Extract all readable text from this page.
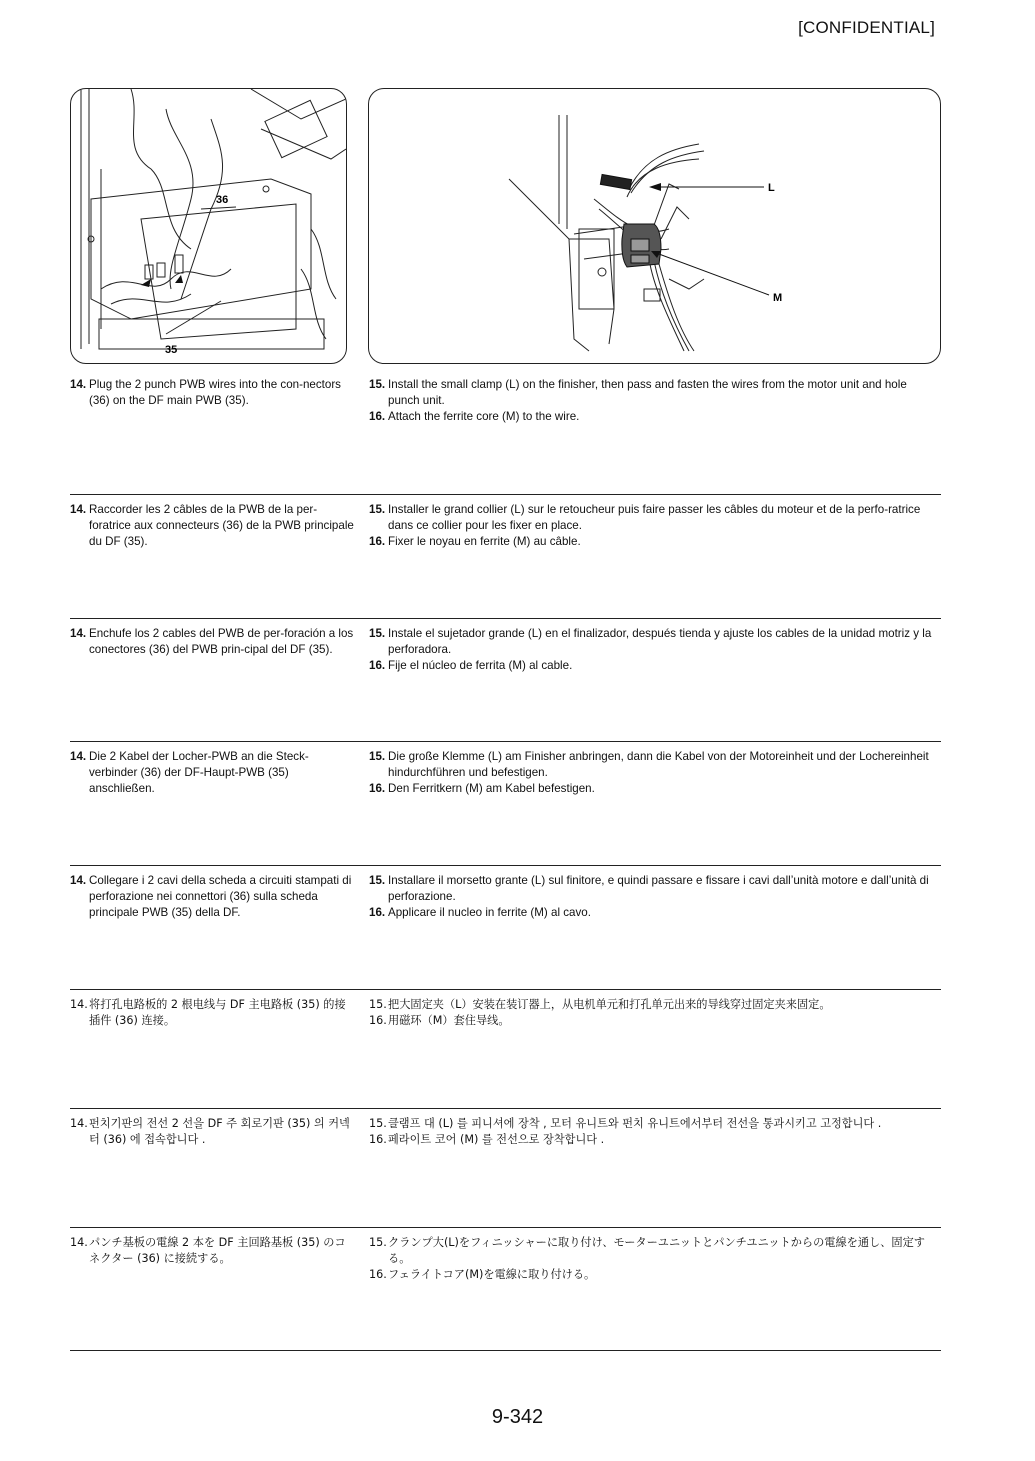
[CONFIDENTIAL]
36
35
L
M

14. Plug the 2 punch PWB wires into the con-nectors (36) on the DF main PWB (35).

15. Install the small clamp (L) on the finisher, then pass and fasten the wires from the motor unit and hole punch unit.

16. Attach the ferrite core (M) to the wire.

14. Raccorder les 2 câbles de la PWB de la per-foratrice aux connecteurs (36) de la PWB principale du DF (35).

15. Installer le grand collier (L) sur le retoucheur puis faire passer les câbles du moteur et de la perfo-ratrice dans ce collier pour les fixer en place.

16. Fixer le noyau en ferrite (M) au câble.

14. Enchufe los 2 cables del PWB de per-foración a los conectores (36) del PWB prin-cipal del DF (35).

15. Instale el sujetador grande (L) en el finalizador, después tienda y ajuste los cables de la unidad motriz y la perforadora.

16. Fije el núcleo de ferrita (M) al cable.

14. Die 2 Kabel der Locher-PWB an die Steck-verbinder (36) der DF-Haupt-PWB (35) anschließen.

15. Die große Klemme (L) am Finisher anbringen, dann die Kabel von der Motoreinheit und der Lochereinheit hindurchführen und befestigen.

16. Den Ferritkern (M) am Kabel befestigen.

14. Collegare i 2 cavi della scheda a circuiti stampati di perforazione nei connettori (36) sulla scheda principale PWB (35) della DF.

15. Installare il morsetto grante (L) sul finitore, e quindi passare e fissare i cavi dall’unità motore e dall’unità di perforazione.

16. Applicare il nucleo in ferrite (M) al cavo.

14. 将打孔电路板的 2 根电线与 DF 主电路板 (35) 的接插件 (36) 连接。

15. 把大固定夹（L）安装在装订器上，从电机单元和打孔单元出来的导线穿过固定夹来固定。

16. 用磁环（M）套住导线。

14. 펀치기판의 전선 2 선을 DF 주 회로기판 (35) 의 커넥터 (36) 에 접속합니다 .

15. 클램프 대 (L) 를 피니셔에 장착 , 모터 유니트와 펀치 유니트에서부터 전선을 통과시키고 고정합니다 .

16. 페라이트 코어 (M) 를 전선으로 장착합니다 .

14. パンチ基板の電線 2 本を DF 主回路基板 (35) のコネクター (36) に接続する。

15. クランプ大(L)をフィニッシャーに取り付け、モーターユニットとパンチユニットからの電線を通し、固定する。

16. フェライトコア(M)を電線に取り付ける。

9-342
